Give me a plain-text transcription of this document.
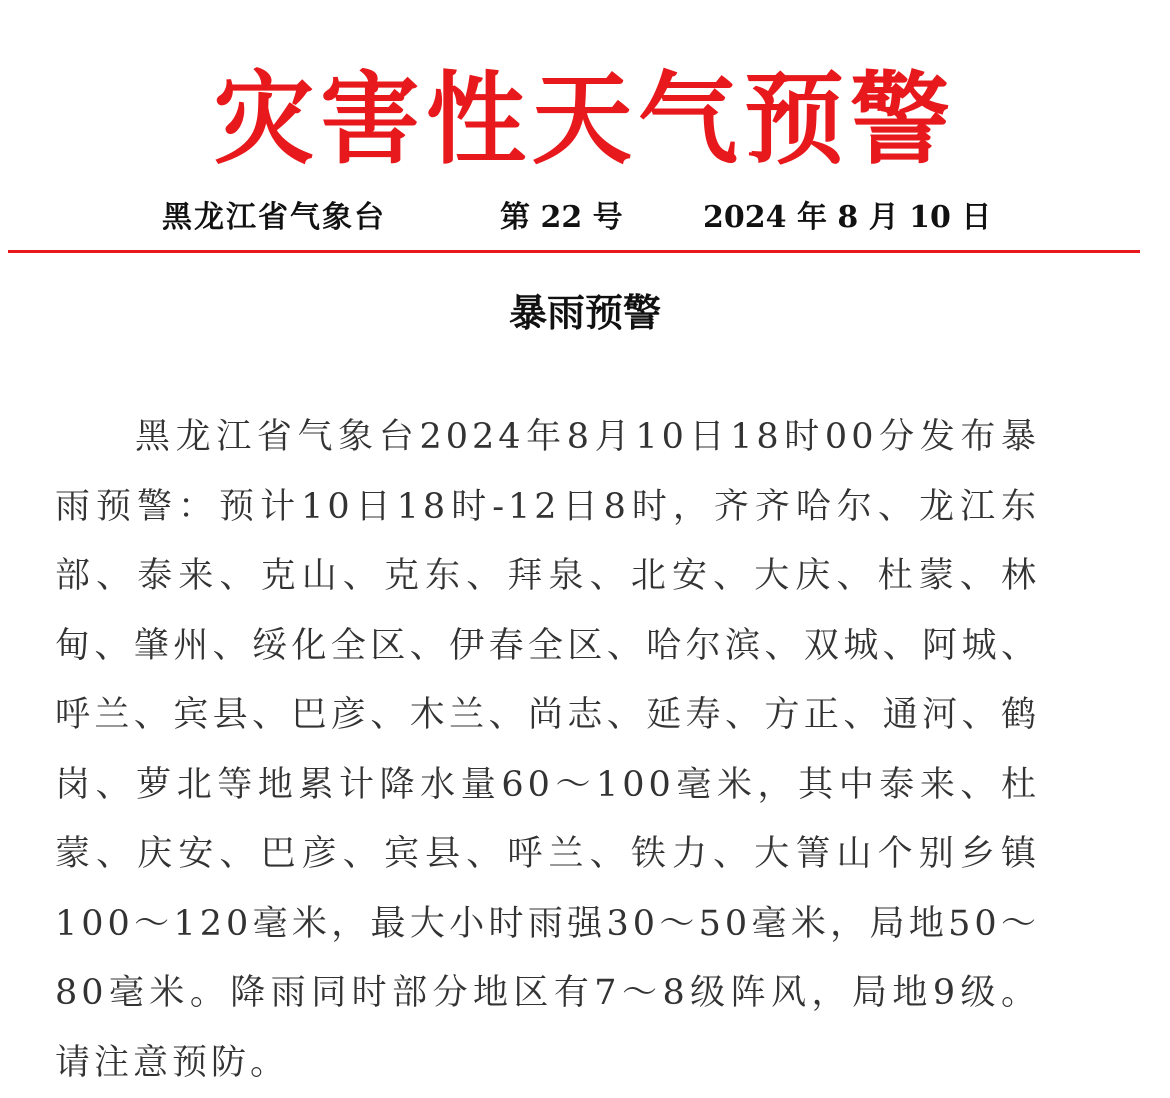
灾害性天气预警
黑龙江省气象台	第 22 号	2024 年 8 月 10 日
暴雨预警

黑龙江省气象台2024年8月10日18时00分发布暴雨预警：预计10日18时-12日8时，齐齐哈尔、龙江东部、泰来、克山、克东、拜泉、北安、大庆、杜蒙、林甸、肇州、绥化全区、伊春全区、哈尔滨、双城、阿城、呼兰、宾县、巴彦、木兰、尚志、延寿、方正、通河、鹤岗、萝北等地累计降水量60～100毫米，其中泰来、杜蒙、庆安、巴彦、宾县、呼兰、铁力、大箐山个别乡镇100～120毫米，最大小时雨强30～50毫米，局地50～80毫米。降雨同时部分地区有7～8级阵风，局地9级。请注意预防。
